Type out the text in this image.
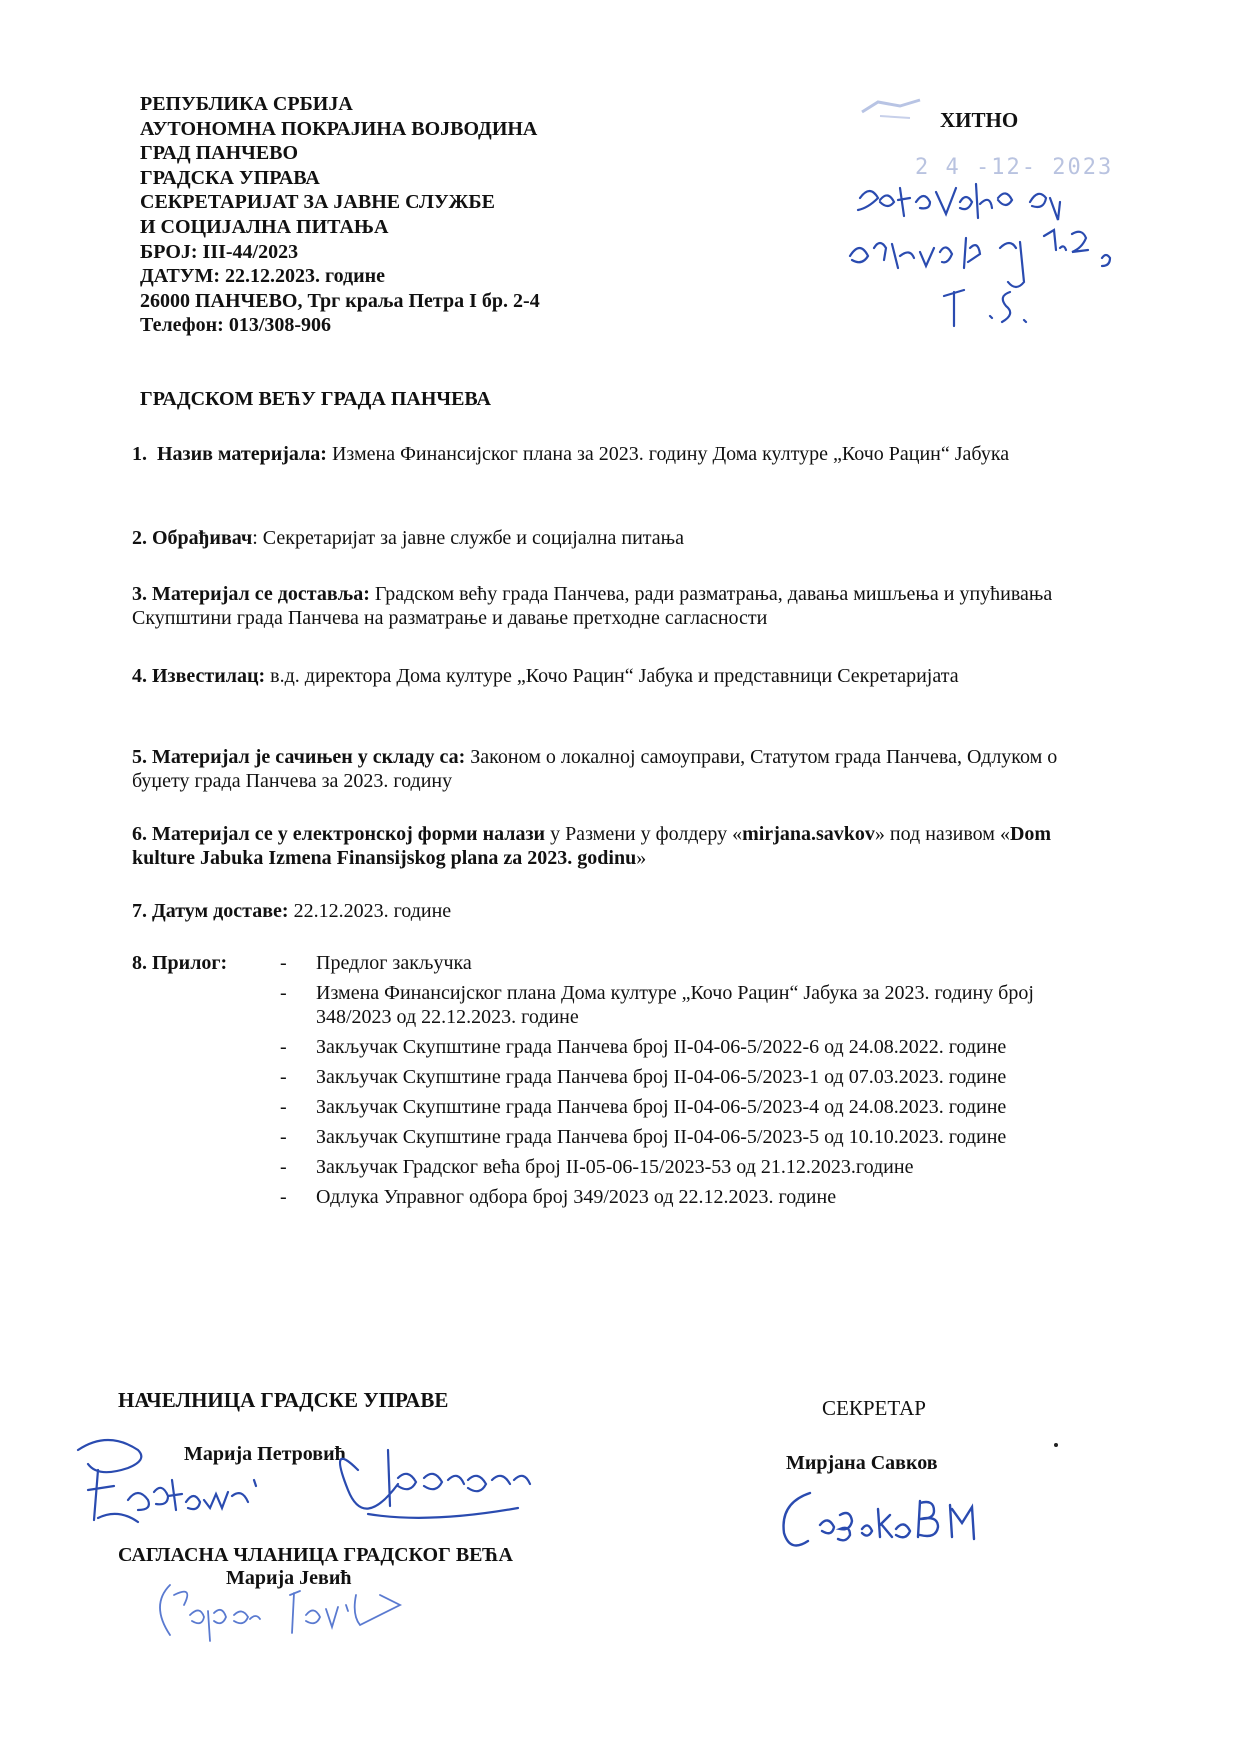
РЕПУБЛИКА СРБИЈА
АУТОНОМНА ПОКРАЈИНА ВОЈВОДИНА
ГРАД ПАНЧЕВО
ГРАДСКА УПРАВА
СЕКРЕТАРИЈАТ ЗА ЈАВНЕ СЛУЖБЕ
И СОЦИЈАЛНА ПИТАЊА
БРОЈ: III-44/2023
ДАТУМ: 22.12.2023. године
26000 ПАНЧЕВО, Трг краља Петра I бр. 2-4
Телефон: 013/308-906
ХИТНО
2 4 -12- 2023
ГРАДСКОМ ВЕЋУ ГРАДА ПАНЧЕВА
1. Назив материјала: Измена Финансијског плана за 2023. годину Дома културе „Кочо Рацин“ Јабука
2. Обрађивач: Секретаријат за јавне службе и социјална питања
3. Материјал се доставља: Градском већу града Панчева, ради разматрања, давања мишљења и упућивања Скупштини града Панчева на разматрање и давање претходне сагласности
4. Известилац: в.д. директора Дома културе „Кочо Рацин“ Јабука и представници Секретаријата
5. Материјал је сачињен у складу са: Законом о локалној самоуправи, Статутом града Панчева, Одлуком о буџету града Панчева за 2023. годину
6. Материјал се у електронској форми налази у Размени у фолдеру «mirjana.savkov» под називом «Dom kulture Jabuka Izmena Finansijskog plana za 2023. godinu»
7. Датум доставе: 22.12.2023. године
8. Прилог:	- Предлог закључка
- Измена Финансијског плана Дома културе „Кочо Рацин“ Јабука за 2023. годину број 348/2023 од 22.12.2023. године
- Закључак Скупштине града Панчева број II-04-06-5/2022-6 од 24.08.2022. године
- Закључак Скупштине града Панчева број II-04-06-5/2023-1 од 07.03.2023. године
- Закључак Скупштине града Панчева број II-04-06-5/2023-4 од 24.08.2023. године
- Закључак Скупштине града Панчева број II-04-06-5/2023-5 од 10.10.2023. године
- Закључак Градског већа број II-05-06-15/2023-53 од 21.12.2023.године
- Одлука Управног одбора број 349/2023 од 22.12.2023. године
НАЧЕЛНИЦА ГРАДСКЕ УПРАВЕ
Марија Петровић
САГЛАСНА ЧЛАНИЦА ГРАДСКОГ ВЕЋА
Марија Јевић
СЕКРЕТАР
Мирјана Савков
